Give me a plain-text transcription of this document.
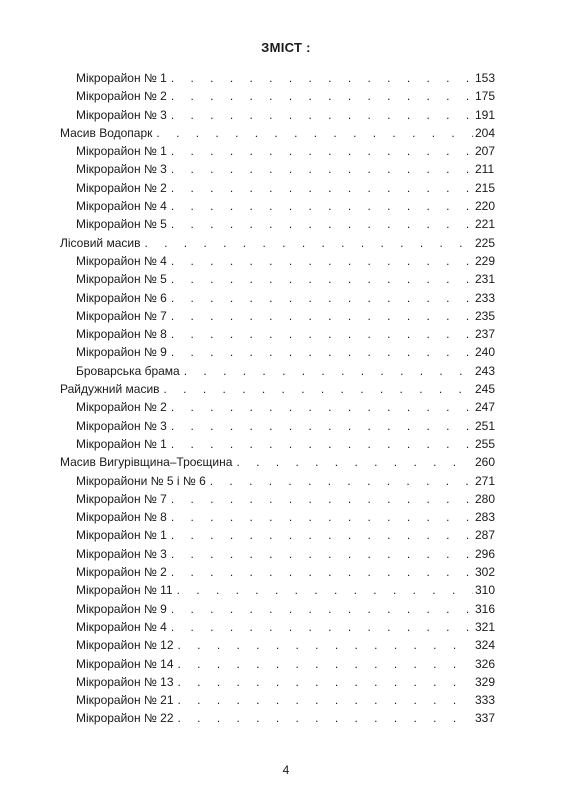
ЗМІСТ :
Мікрорайон № 1 . . .	153
Мікрорайон № 2 . . .	175
Мікрорайон № 3 . . .	191
Масив Водопарк . . .	204
Мікрорайон № 1 . . .	207
Мікрорайон № 3 . . .	211
Мікрорайон № 2 . . .	215
Мікрорайон № 4 . . .	220
Мікрорайон № 5 . . .	221
Лісовий масив . . .	225
Мікрорайон № 4 . . .	229
Мікрорайон № 5 . . .	231
Мікрорайон № 6 . . .	233
Мікрорайон № 7 . . .	235
Мікрорайон № 8 . . .	237
Мікрорайон № 9 . . .	240
Броварська брама . . .	243
Райдужний масив . . .	245
Мікрорайон № 2 . . .	247
Мікрорайон № 3 . . .	251
Мікрорайон № 1 . . .	255
Масив Вигурівщина–Троєщина . . .	260
Мікрорайони № 5 і № 6 . . .	271
Мікрорайон № 7 . . .	280
Мікрорайон № 8 . . .	283
Мікрорайон № 1 . . .	287
Мікрорайон № 3 . . .	296
Мікрорайон № 2 . . .	302
Мікрорайон № 11 . . .	310
Мікрорайон № 9 . . .	316
Мікрорайон № 4 . . .	321
Мікрорайон № 12 . . .	324
Мікрорайон № 14 . . .	326
Мікрорайон № 13 . . .	329
Мікрорайон № 21 . . .	333
Мікрорайон № 22 . . .	337
4
